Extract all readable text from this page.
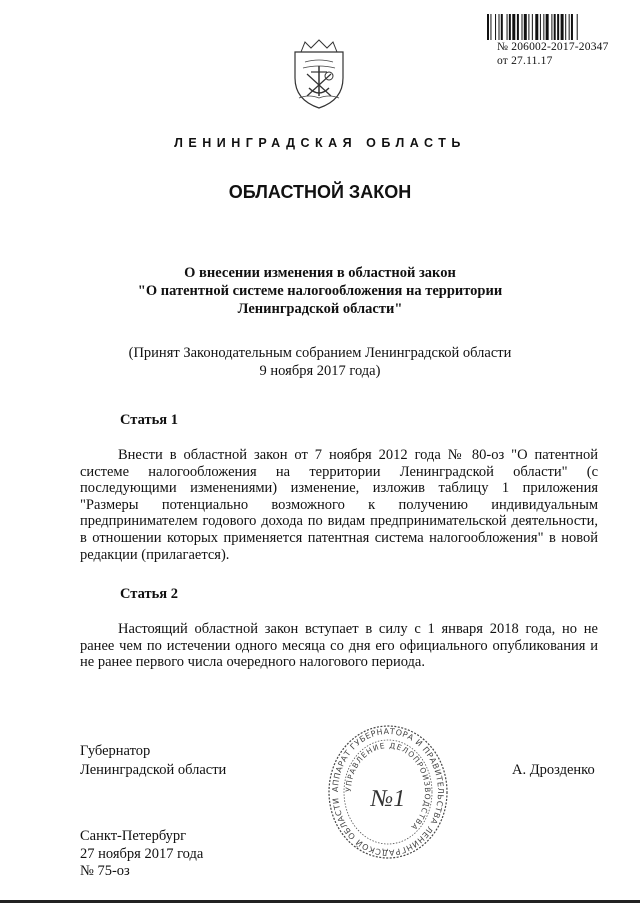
№ 206002-2017-20347
от 27.11.17
ЛЕНИНГРАДСКАЯ ОБЛАСТЬ
ОБЛАСТНОЙ ЗАКОН
О внесении изменения в областной закон
"О патентной системе налогообложения на территории
Ленинградской области"
(Принят Законодательным собранием Ленинградской области
9 ноября 2017 года)
Статья 1

Внести в областной закон от 7 ноября 2012 года № 80-оз "О патентной системе налогообложения на территории Ленинградской области" (с последующими изменениями) изменение, изложив таблицу 1 приложения "Размеры потенциально возможного к получению индивидуальным предпринимателем годового дохода по видам предпринимательской деятельности, в отношении которых применяется патентная система налогообложения" в новой редакции (прилагается).

Статья 2

Настоящий областной закон вступает в силу с 1 января 2018 года, но не ранее чем по истечении одного месяца со дня его официального опубликования и не ранее первого числа очередного налогового периода.

Губернатор
Ленинградской области	А. Дрозденко
АППАРАТ ГУБЕРНАТОРА И ПРАВИТЕЛЬСТВА ЛЕНИНГРАДСКОЙ ОБЛАСТИ
УПРАВЛЕНИЕ ДЕЛОПРОИЗВОДСТВА
№1
Санкт-Петербург
27 ноября 2017 года
№ 75-оз
